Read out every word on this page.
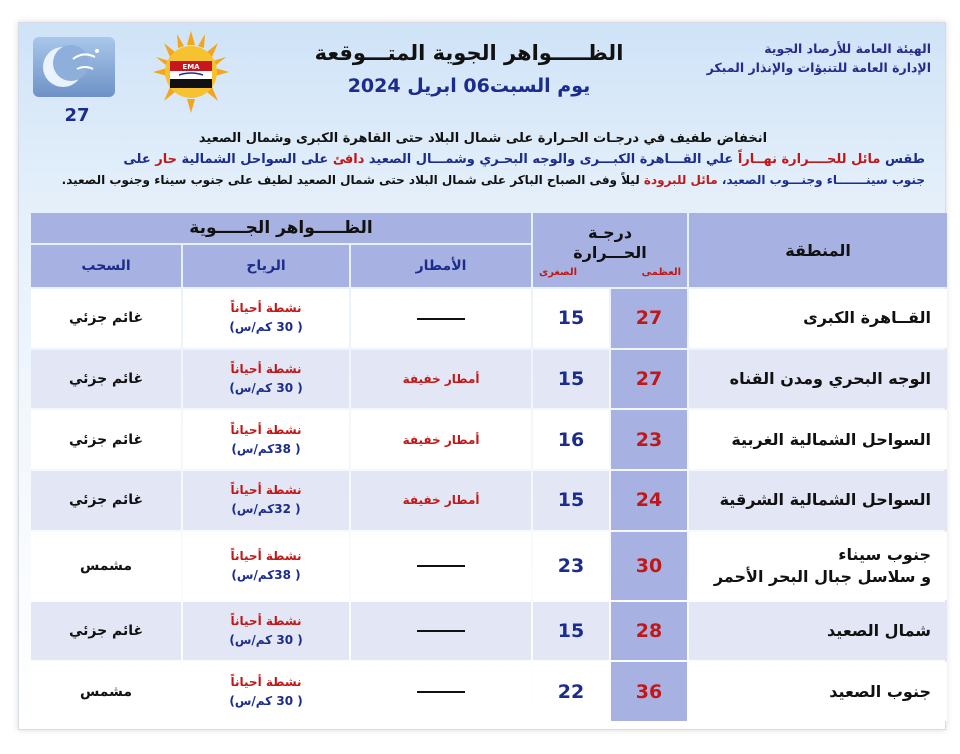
الهيئة العامة للأرصاد الجوية
الإدارة العامة للتنبؤات والإنذار المبكر
الظـــــواهر الجوية المتـــوقعة
يوم السبت06 ابريل 2024
EMA
27
انخفاض طفيف في درجـات الحـرارة على شمال البلاد حتى القاهرة الكبرى وشمال الصعيد
طقس مائل للحــــرارة نهــاراً علي القـــاهرة الكبـــرى والوجه البحـري وشمـــال الصعيد دافئ على السواحل الشمالية حار على
جنوب سينـــــــاء وجنـــوب الصعيد، مائل للبرودة ليلاً وفى الصباح الباكر على شمال البلاد حتى شمال الصعيد لطيف على جنوب سيناء وجنوب الصعيد.
المنطقة	درجـة
الحـــرارة
العظمى
الصغرى		الظـــــواهر الجـــــوية		
			الأمطار	الرياح	السحب
القــاهرة الكبرى	27	15		نشطة أحياناً
( 30 كم/س)	غائم جزئي
الوجه البحري ومدن القناه	27	15	أمطار خفيفة	نشطة أحياناً
( 30 كم/س)	غائم جزئي
السواحل الشمالية الغربية	23	16	أمطار خفيفة	نشطة أحياناً
( 38كم/س)	غائم جزئي
السواحل الشمالية الشرقية	24	15	أمطار خفيفة	نشطة أحياناً
( 32كم/س)	غائم جزئي
جنوب سيناء
و سلاسل جبال البحر الأحمر	30	23		نشطة أحياناً
( 38كم/س)	مشمس
شمال الصعيد	28	15		نشطة أحياناً
( 30 كم/س)	غائم جزئي
جنوب الصعيد	36	22		نشطة أحياناً
( 30 كم/س)	مشمس
